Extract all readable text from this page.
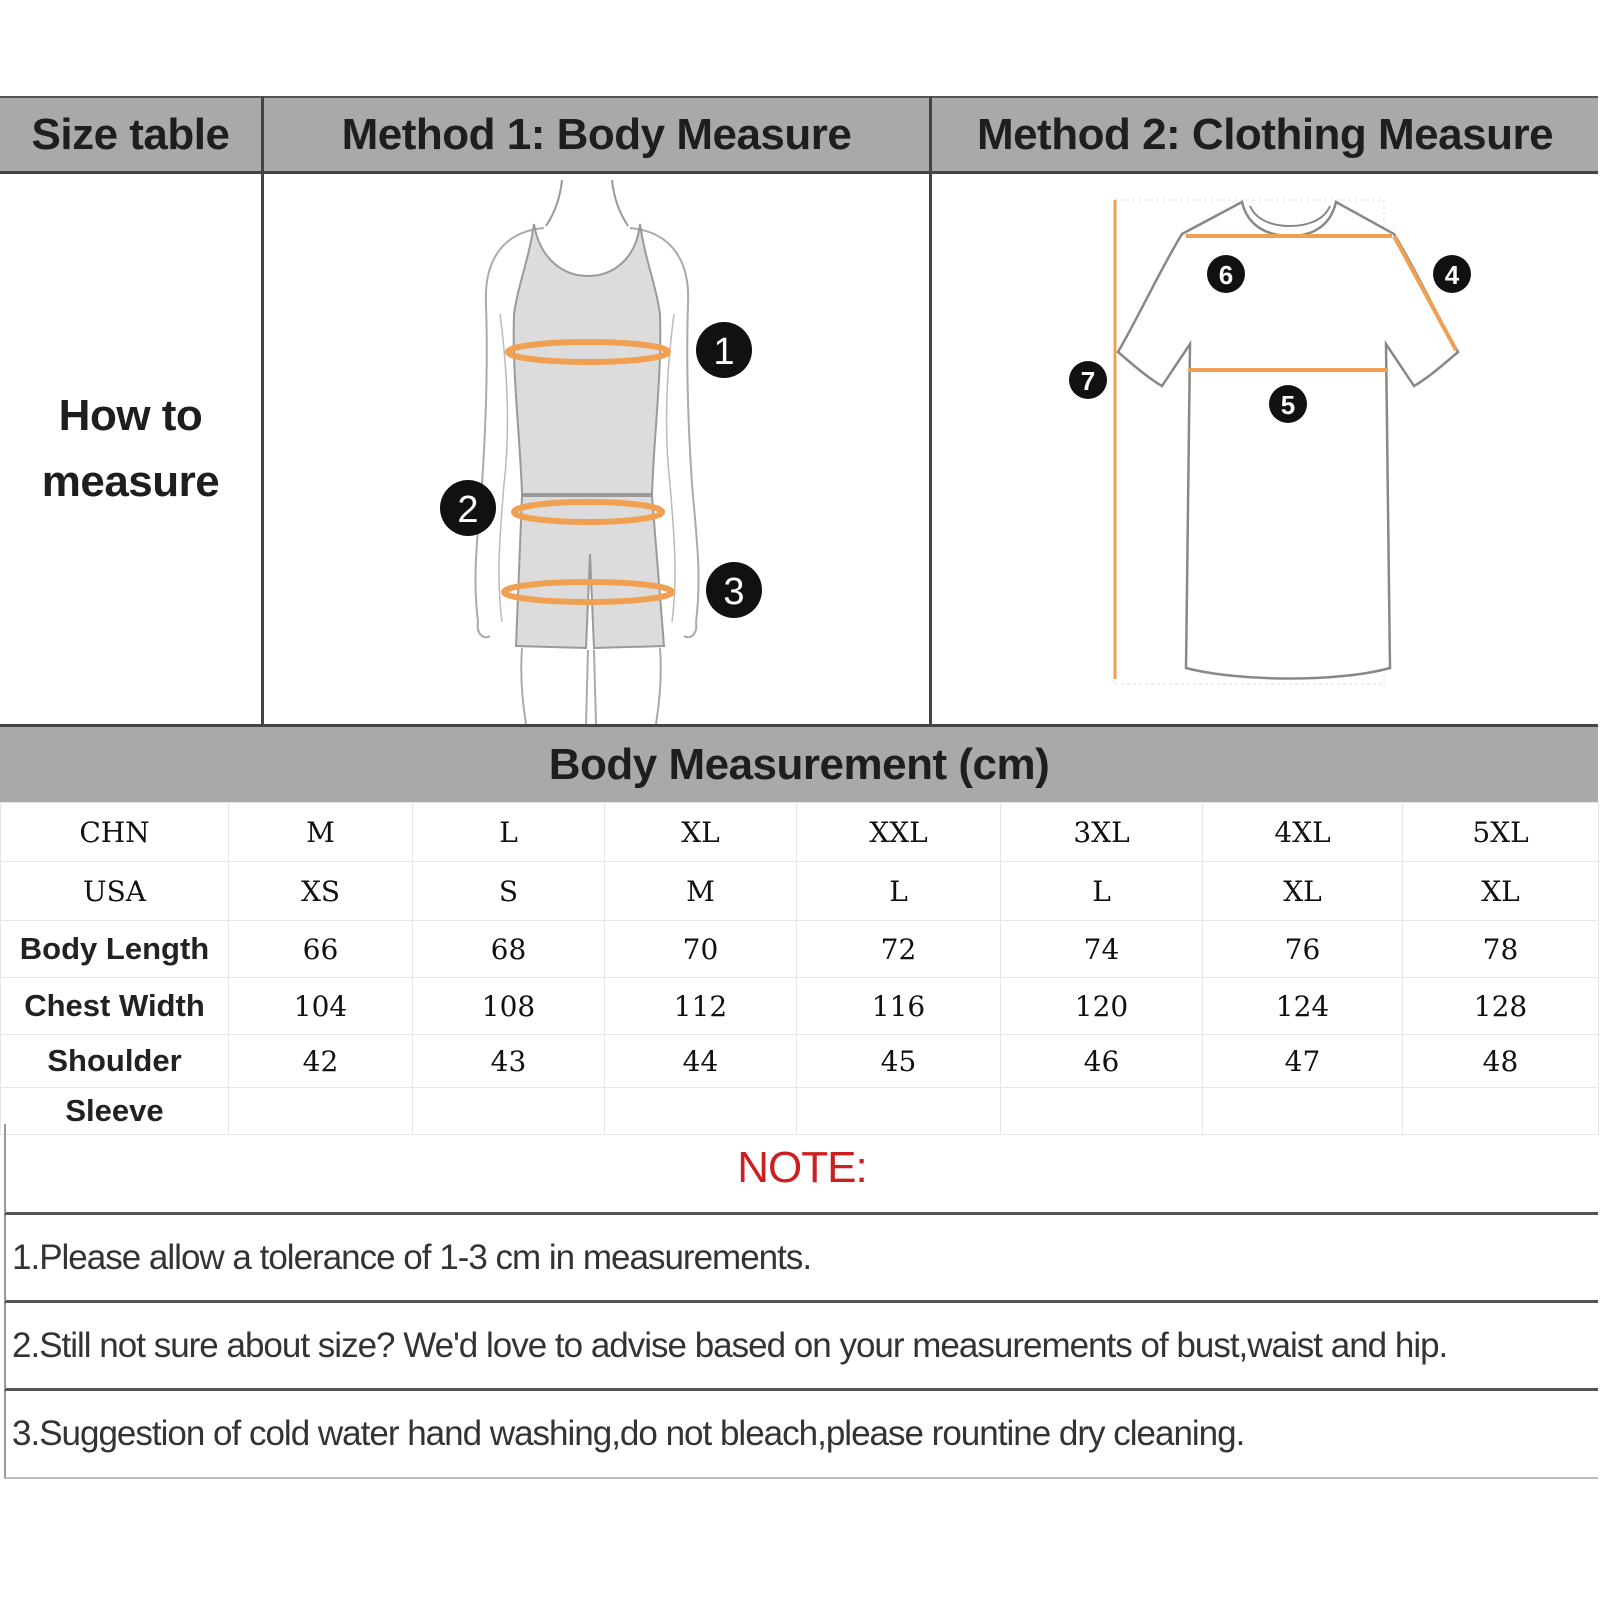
Size table	Method 1: Body Measure	Method 2: Clothing Measure
How to
measure
1
2
3
6	4
7
5
Body Measurement (cm)
CHN	M	L	XL	XXL	3XL	4XL	5XL
USA	XS	S	M	L	L	XL	XL
Body Length	66	68	70	72	74	76	78
Chest Width	104	108	112	116	120	124	128
Shoulder	42	43	44	45	46	47	48
Sleeve							
NOTE:
1.Please allow a tolerance of 1-3 cm in measurements.
2.Still not sure about size? We'd love to advise based on your measurements of bust,waist and hip.
3.Suggestion of cold water hand washing,do not bleach,please rountine dry cleaning.
